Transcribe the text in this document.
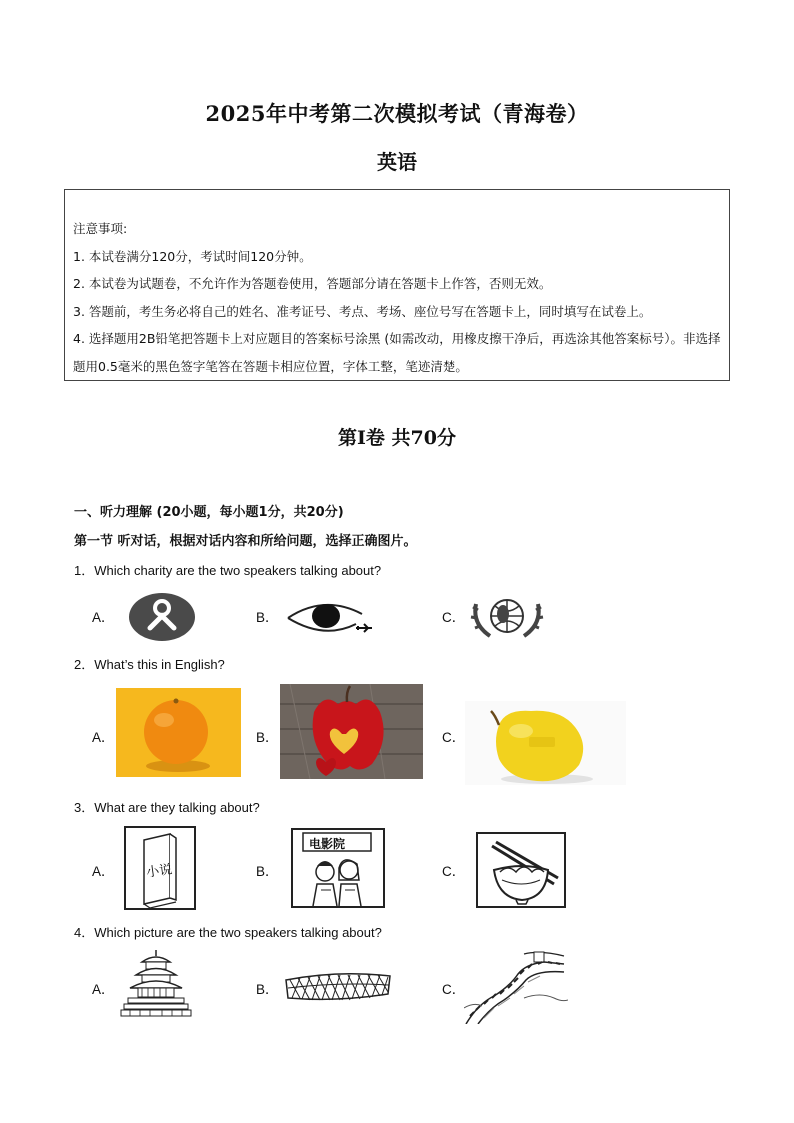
2025年中考第二次模拟考试（青海卷）
英语

注意事项:

1. 本试卷满分120分，考试时间120分钟。

2. 本试卷为试题卷，不允许作为答题卷使用，答题部分请在答题卡上作答，否则无效。

3. 答题前，考生务必将自己的姓名、准考证号、考点、考场、座位号写在答题卡上，同时填写在试卷上。

4. 选择题用2B铅笔把答题卡上对应题目的答案标号涂黑 (如需改动，用橡皮擦干净后，再选涂其他答案标号）。非选择题用0.5毫米的黑色签字笔答在答题卡相应位置，字体工整，笔迹清楚。

第Ⅰ卷 共70分
一、听力理解 (20小题，每小题1分，共20分)
第一节 听对话，根据对话内容和所给问题，选择正确图片。
1．Which charity are the two speakers talking about?
A．	B．	C．
2．What’s this in English?
A．	B．	C．
3．What are they talking about?
A． 小说	B．
电影院
C．
4．Which picture are the two speakers talking about?
A．	B．	C．
